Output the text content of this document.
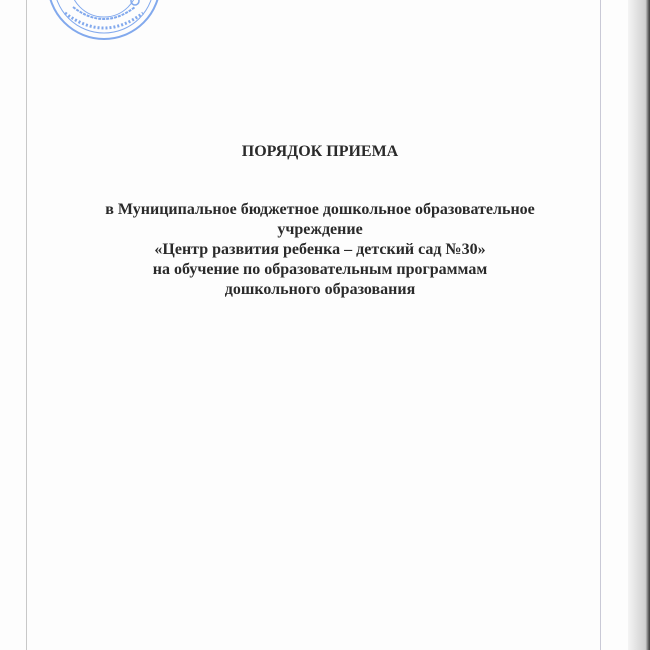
ПОРЯДОК ПРИЕМА
в Муниципальное бюджетное дошкольное образовательное
учреждение
«Центр развития ребенка – детский сад №30»
на обучение по образовательным программам
дошкольного образования
